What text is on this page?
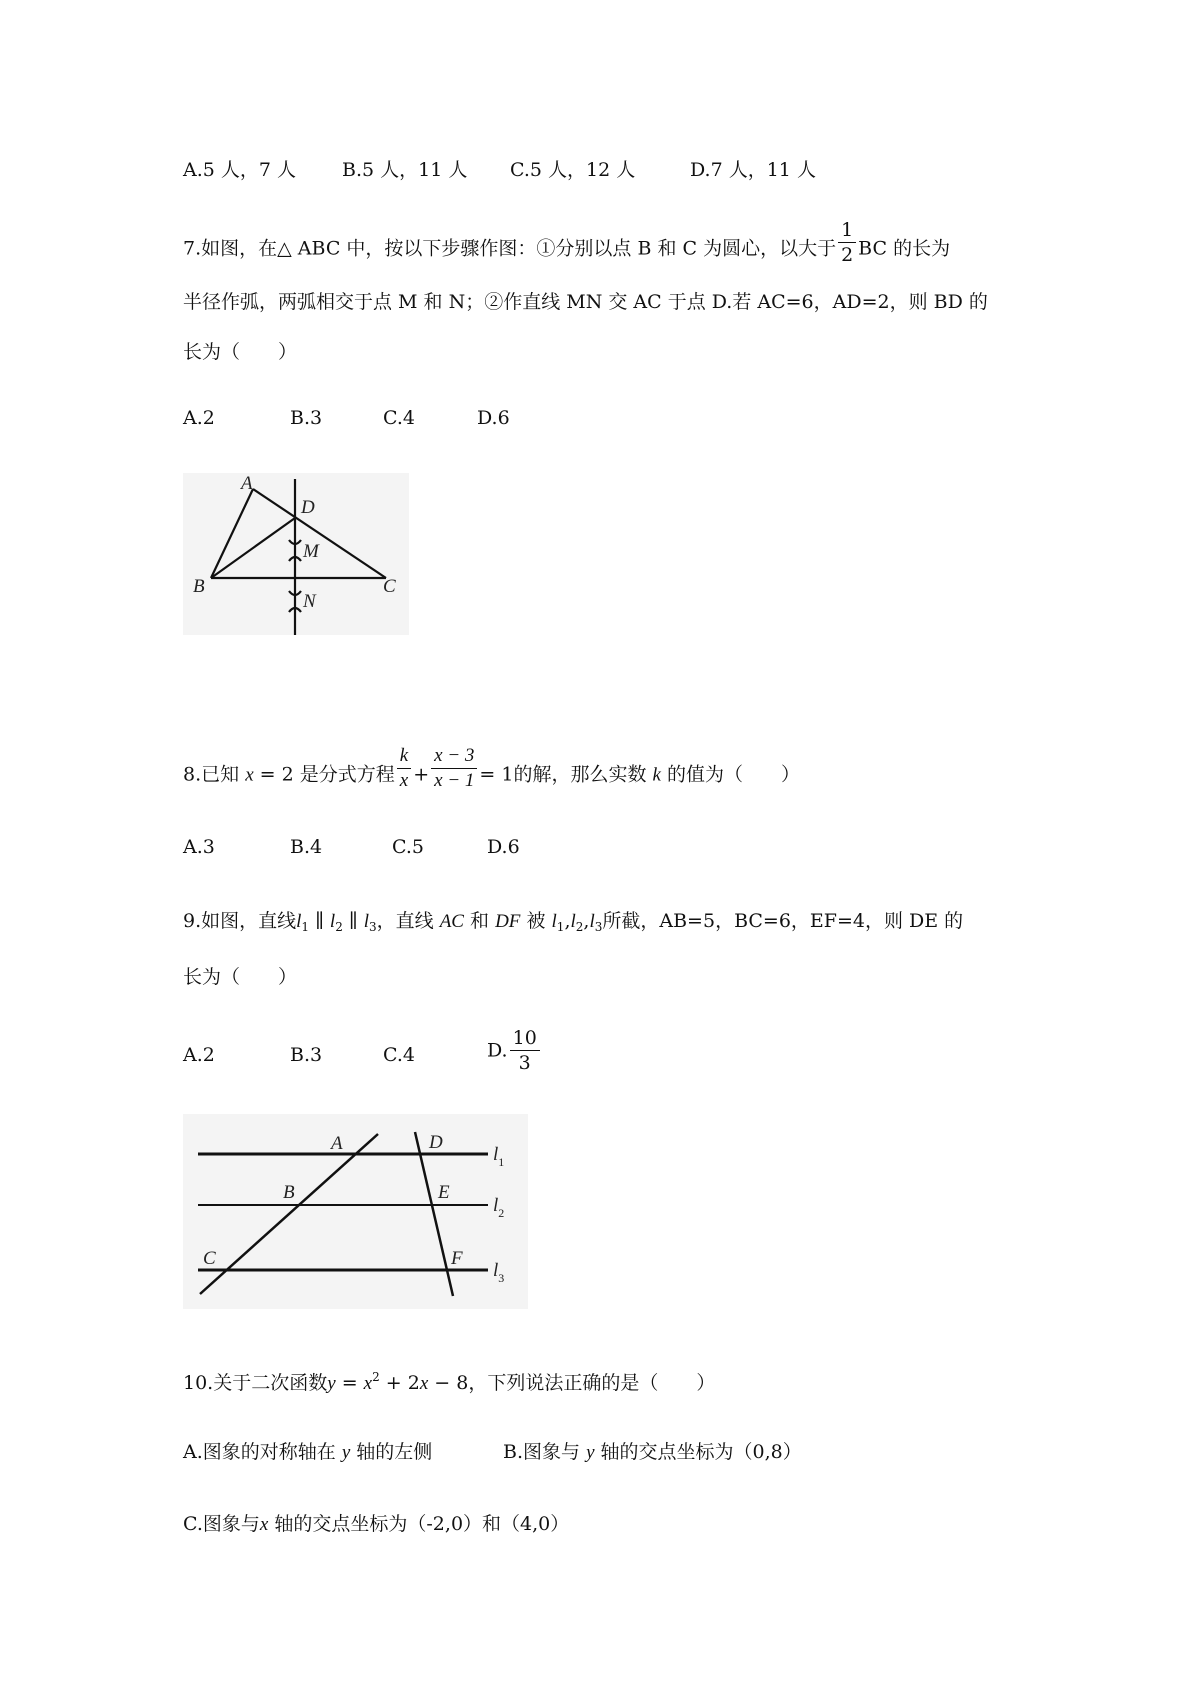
A.5 人，7 人 B.5 人，11 人 C.5 人，12 人	D.7 人，11 人
7.如图，在△ ABC 中，按以下步骤作图：①分别以点 B 和 C 为圆心，以大于 $\frac{1}{2}$ BC 的长为
半径作弧，两弧相交于点 M 和 N；②作直线 MN 交 AC 于点 D.若 AC=6，AD=2，则 BD 的
长为（　　）
A.2	B.3	C.4	D.6
A
B	C
D
M
N
8.已知 x = 2 是分式方程 $\frac{k}{x} + \frac{x - 3}{x - 1} = 1$的解，那么实数 k 的值为（　　）
A.3	B.4	C.5	D.6
9.如图，直线$l_1$ ∥ $l_2$ ∥ $l_3$，直线 AC 和 DF 被 $l_1,l_2,l_3$所截，AB=5，BC=6，EF=4，则 DE 的
长为（　　）
A.2	B.3	C.4	D. $\frac{10}{3}$
A
B
C
D
E
F
$l_1$
$l_2$
$l_3$
10.关于二次函数$y = x^2 + 2x - 8$，下列说法正确的是（　　）
A.图象的对称轴在 y 轴的左侧	B.图象与 y 轴的交点坐标为（0,8）
C.图象与x 轴的交点坐标为（-2,0）和（4,0）
